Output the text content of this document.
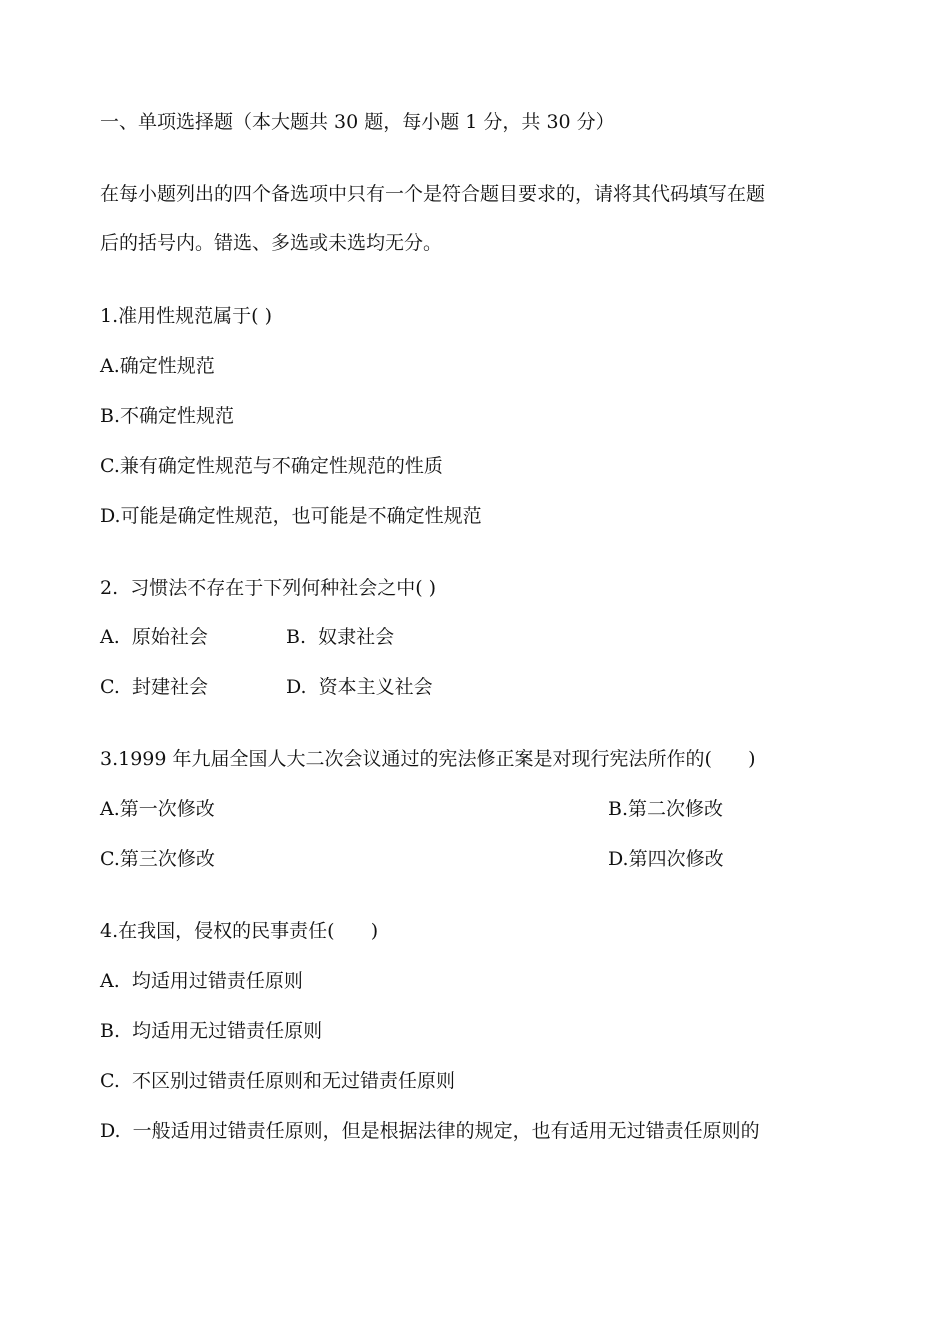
一、单项选择题（本大题共 30 题，每小题 1 分，共 30 分）
在每小题列出的四个备选项中只有一个是符合题目要求的，请将其代码填写在题
后的括号内。错选、多选或未选均无分。
1.准用性规范属于( )
A.确定性规范
B.不确定性规范
C.兼有确定性规范与不确定性规范的性质
D.可能是确定性规范，也可能是不确定性规范
2.  习惯法不存在于下列何种社会之中( )
A.  原始社会	B.  奴隶社会
C.  封建社会	D.  资本主义社会
3.1999 年九届全国人大二次会议通过的宪法修正案是对现行宪法所作的(      )
A.第一次修改	B.第二次修改
C.第三次修改	D.第四次修改
4.在我国，侵权的民事责任(      )
A.  均适用过错责任原则
B.  均适用无过错责任原则
C.  不区别过错责任原则和无过错责任原则
D.  一般适用过错责任原则，但是根据法律的规定，也有适用无过错责任原则的
